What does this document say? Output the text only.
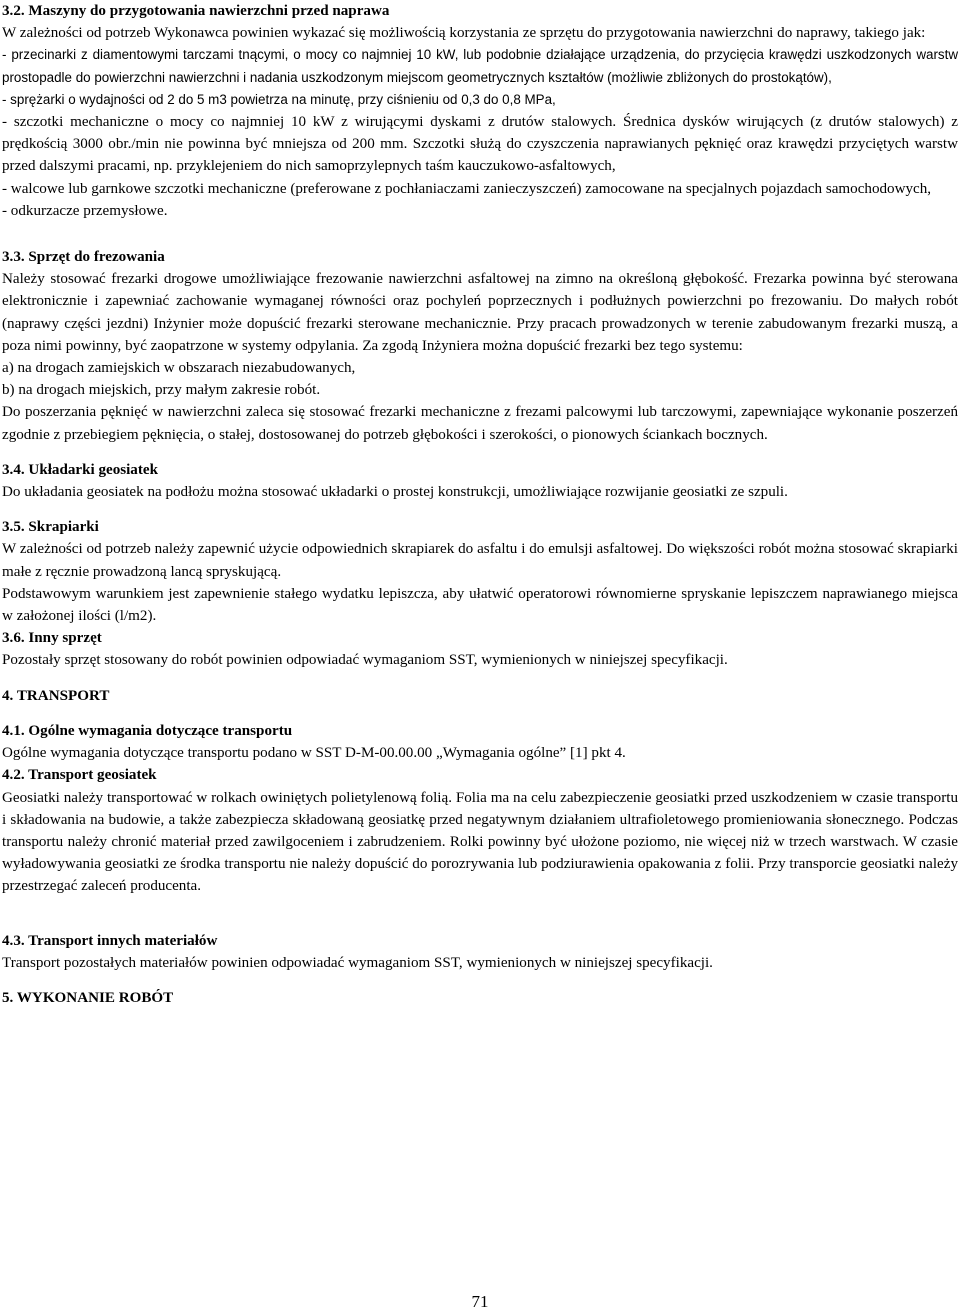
3.2. Maszyny do przygotowania nawierzchni przed naprawa

W zależności od potrzeb Wykonawca powinien wykazać się możliwością korzystania ze sprzętu do przygotowania nawierzchni do naprawy, takiego jak:

- przecinarki z diamentowymi tarczami tnącymi, o mocy co najmniej 10 kW, lub podobnie działające urządzenia, do przycięcia krawędzi uszkodzonych warstw prostopadle do powierzchni nawierzchni i nadania uszkodzonym miejscom geometrycznych kształtów (możliwie zbliżonych do prostokątów),

- sprężarki o wydajności od 2 do 5 m3 powietrza na minutę, przy ciśnieniu od 0,3 do 0,8 MPa,

- szczotki mechaniczne o mocy co najmniej 10 kW z wirującymi dyskami z drutów stalowych. Średnica dysków wirujących (z drutów stalowych) z prędkością 3000 obr./min nie powinna być mniejsza od 200 mm. Szczotki służą do czyszczenia naprawianych pęknięć oraz krawędzi przyciętych warstw przed dalszymi pracami, np. przyklejeniem do nich samoprzylepnych taśm kauczukowo-asfaltowych,

- walcowe lub garnkowe szczotki mechaniczne (preferowane z pochłaniaczami zanieczyszczeń) zamocowane na specjalnych pojazdach samochodowych,

- odkurzacze przemysłowe.

3.3. Sprzęt do frezowania

Należy stosować frezarki drogowe umożliwiające frezowanie nawierzchni asfaltowej na zimno na określoną głębokość. Frezarka powinna być sterowana elektronicznie i zapewniać zachowanie wymaganej równości oraz pochyleń poprzecznych i podłużnych powierzchni po frezowaniu. Do małych robót (naprawy części jezdni) Inżynier może dopuścić frezarki sterowane mechanicznie. Przy pracach prowadzonych w terenie zabudowanym frezarki muszą, a poza nimi powinny, być zaopatrzone w systemy odpylania. Za zgodą Inżyniera można dopuścić frezarki bez tego systemu:

a) na drogach zamiejskich w obszarach niezabudowanych,

b) na drogach miejskich, przy małym zakresie robót.

Do poszerzania pęknięć w nawierzchni zaleca się stosować frezarki mechaniczne z frezami palcowymi lub tarczowymi, zapewniające wykonanie poszerzeń zgodnie z przebiegiem pęknięcia, o stałej, dostosowanej do potrzeb głębokości i szerokości, o pionowych ściankach bocznych.

3.4. Układarki geosiatek

Do układania geosiatek na podłożu można stosować układarki o prostej konstrukcji, umożliwiające rozwijanie geosiatki ze szpuli.

3.5. Skrapiarki

W zależności od potrzeb należy zapewnić użycie odpowiednich skrapiarek do asfaltu i do emulsji asfaltowej. Do większości robót można stosować skrapiarki małe z ręcznie prowadzoną lancą spryskującą.

Podstawowym warunkiem jest zapewnienie stałego wydatku lepiszcza, aby ułatwić operatorowi równomierne spryskanie lepiszczem naprawianego miejsca w założonej ilości (l/m2).

3.6. Inny sprzęt

Pozostały sprzęt stosowany do robót powinien odpowiadać wymaganiom SST, wymienionych w niniejszej specyfikacji.

4. TRANSPORT
4.1. Ogólne wymagania dotyczące transportu

Ogólne wymagania dotyczące transportu podano w SST D-M-00.00.00 „Wymagania ogólne” [1] pkt 4.

4.2. Transport geosiatek

Geosiatki należy transportować w rolkach owiniętych polietylenową folią. Folia ma na celu zabezpieczenie geosiatki przed uszkodzeniem w czasie transportu i składowania na budowie, a także zabezpiecza składowaną geosiatkę przed negatywnym działaniem ultrafioletowego promieniowania słonecznego. Podczas transportu należy chronić materiał przed zawilgoceniem i zabrudzeniem. Rolki powinny być ułożone poziomo, nie więcej niż w trzech warstwach. W czasie wyładowywania geosiatki ze środka transportu nie należy dopuścić do porozrywania lub podziurawienia opakowania z folii. Przy transporcie geosiatki należy przestrzegać zaleceń producenta.

4.3. Transport innych materiałów

Transport pozostałych materiałów powinien odpowiadać wymaganiom SST, wymienionych w niniejszej specyfikacji.

5. WYKONANIE ROBÓT
71
